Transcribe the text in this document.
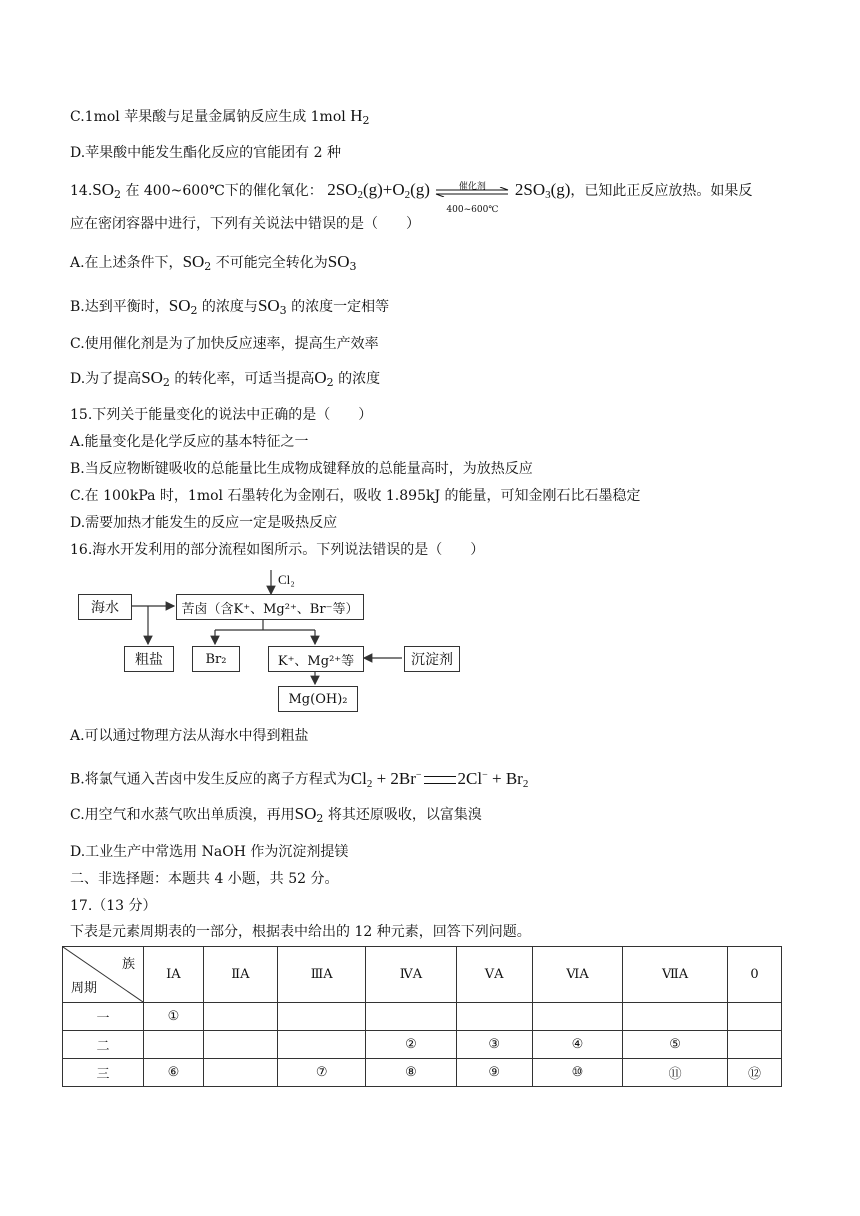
C.1mol 苹果酸与足量金属钠反应生成 1mol $H_2$
D.苹果酸中能发生酯化反应的官能团有 2 种
$14.SO_2$ 在 400~600℃下的催化氧化： $2SO_2(g)+O_2(g)$	催化剂
400~600℃
$2SO_3(g)$，已知此正反应放热。如果反
应在密闭容器中进行，下列有关说法中错误的是（　　）
A.在上述条件下，$SO_2$ 不可能完全转化为$SO_3$
B.达到平衡时，$SO_2$ 的浓度与$SO_3$ 的浓度一定相等
C.使用催化剂是为了加快反应速率，提高生产效率
D.为了提高$SO_2$ 的转化率，可适当提高$O_2$ 的浓度
15.下列关于能量变化的说法中正确的是（　　）
A.能量变化是化学反应的基本特征之一
B.当反应物断键吸收的总能量比生成物成键释放的总能量高时，为放热反应
C.在 100kPa 时，1mol 石墨转化为金刚石，吸收 1.895kJ 的能量，可知金刚石比石墨稳定
D.需要加热才能发生的反应一定是吸热反应
16.海水开发利用的部分流程如图所示。下列说法错误的是（　　）
Cl₂
海水	苦卤（含K⁺、Mg²⁺、Br⁻等）
粗盐	Br₂	K⁺、Mg²⁺等	沉淀剂
Mg(OH)₂
A.可以通过物理方法从海水中得到粗盐
B.将氯气通入苦卤中发生反应的离子方程式为$Cl_2 + 2Br^-$ $2Cl^- + Br_2$
C.用空气和水蒸气吹出单质溴，再用$SO_2$ 将其还原吸收，以富集溴
D.工业生产中常选用 NaOH 作为沉淀剂提镁
二、非选择题：本题共 4 小题，共 52 分。
17.（13 分）
下表是元素周期表的一部分，根据表中给出的 12 种元素，回答下列问题。
族
周期	ⅠA	ⅡA	ⅢA	ⅣA	ⅤA	ⅥA	ⅦA	0
一	①							
二				②	③	④	⑤	
三	⑥		⑦	⑧	⑨	⑩	⑪	⑫
